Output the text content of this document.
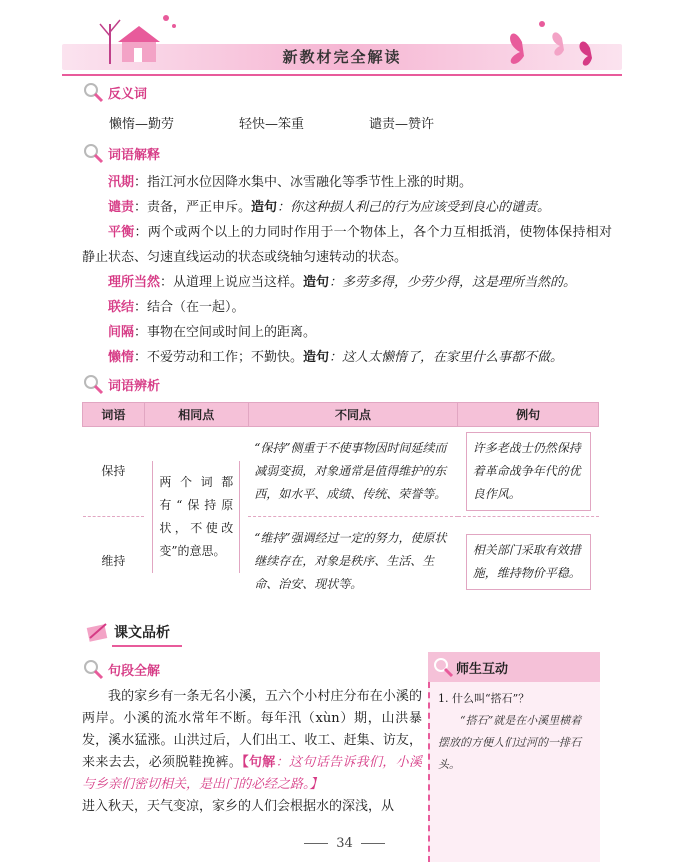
新教材完全解读
反义词
懒惰—勤劳	轻快—笨重	谴责—赞许
词语解释
汛期：指江河水位因降水集中、冰雪融化等季节性上涨的时期。
谴责：责备，严正申斥。造句：你这种损人利己的行为应该受到良心的谴责。
平衡：两个或两个以上的力同时作用于一个物体上，各个力互相抵消，使物体保持相对静止状态、匀速直线运动的状态或绕轴匀速转动的状态。
理所当然：从道理上说应当这样。造句：多劳多得，少劳少得，这是理所当然的。
联结：结合（在一起）。
间隔：事物在空间或时间上的距离。
懒惰：不爱劳动和工作；不勤快。造句：这人太懒惰了，在家里什么事都不做。
词语辨析
词语	相同点	不同点	例句
保持	两个词都有“保持原状，不使改变”的意思。	“保持”侧重于不使事物因时间延续而减弱变损，对象通常是值得维护的东西，如水平、成绩、传统、荣誉等。	许多老战士仍然保持着革命战争年代的优良作风。

维持		“维持”强调经过一定的努力，使原状继续存在，对象是秩序、生活、生命、治安、现状等。	相关部门采取有效措施，维持物价平稳。
课文品析
句段全解
我的家乡有一条无名小溪，五六个小村庄分布在小溪的两岸。小溪的流水常年不断。每年汛（xùn）期，山洪暴发，溪水猛涨。山洪过后，人们出工、收工、赶集、访友，来来去去，必须脱鞋挽裤。【句解：这句话告诉我们，小溪与乡亲们密切相关，是出门的必经之路。】
进入秋天，天气变凉，家乡的人们会根据水的深浅，从
师生互动
1. 什么叫“搭石”？
“搭石”就是在小溪里横着摆放的方便人们过河的一排石头。
34
